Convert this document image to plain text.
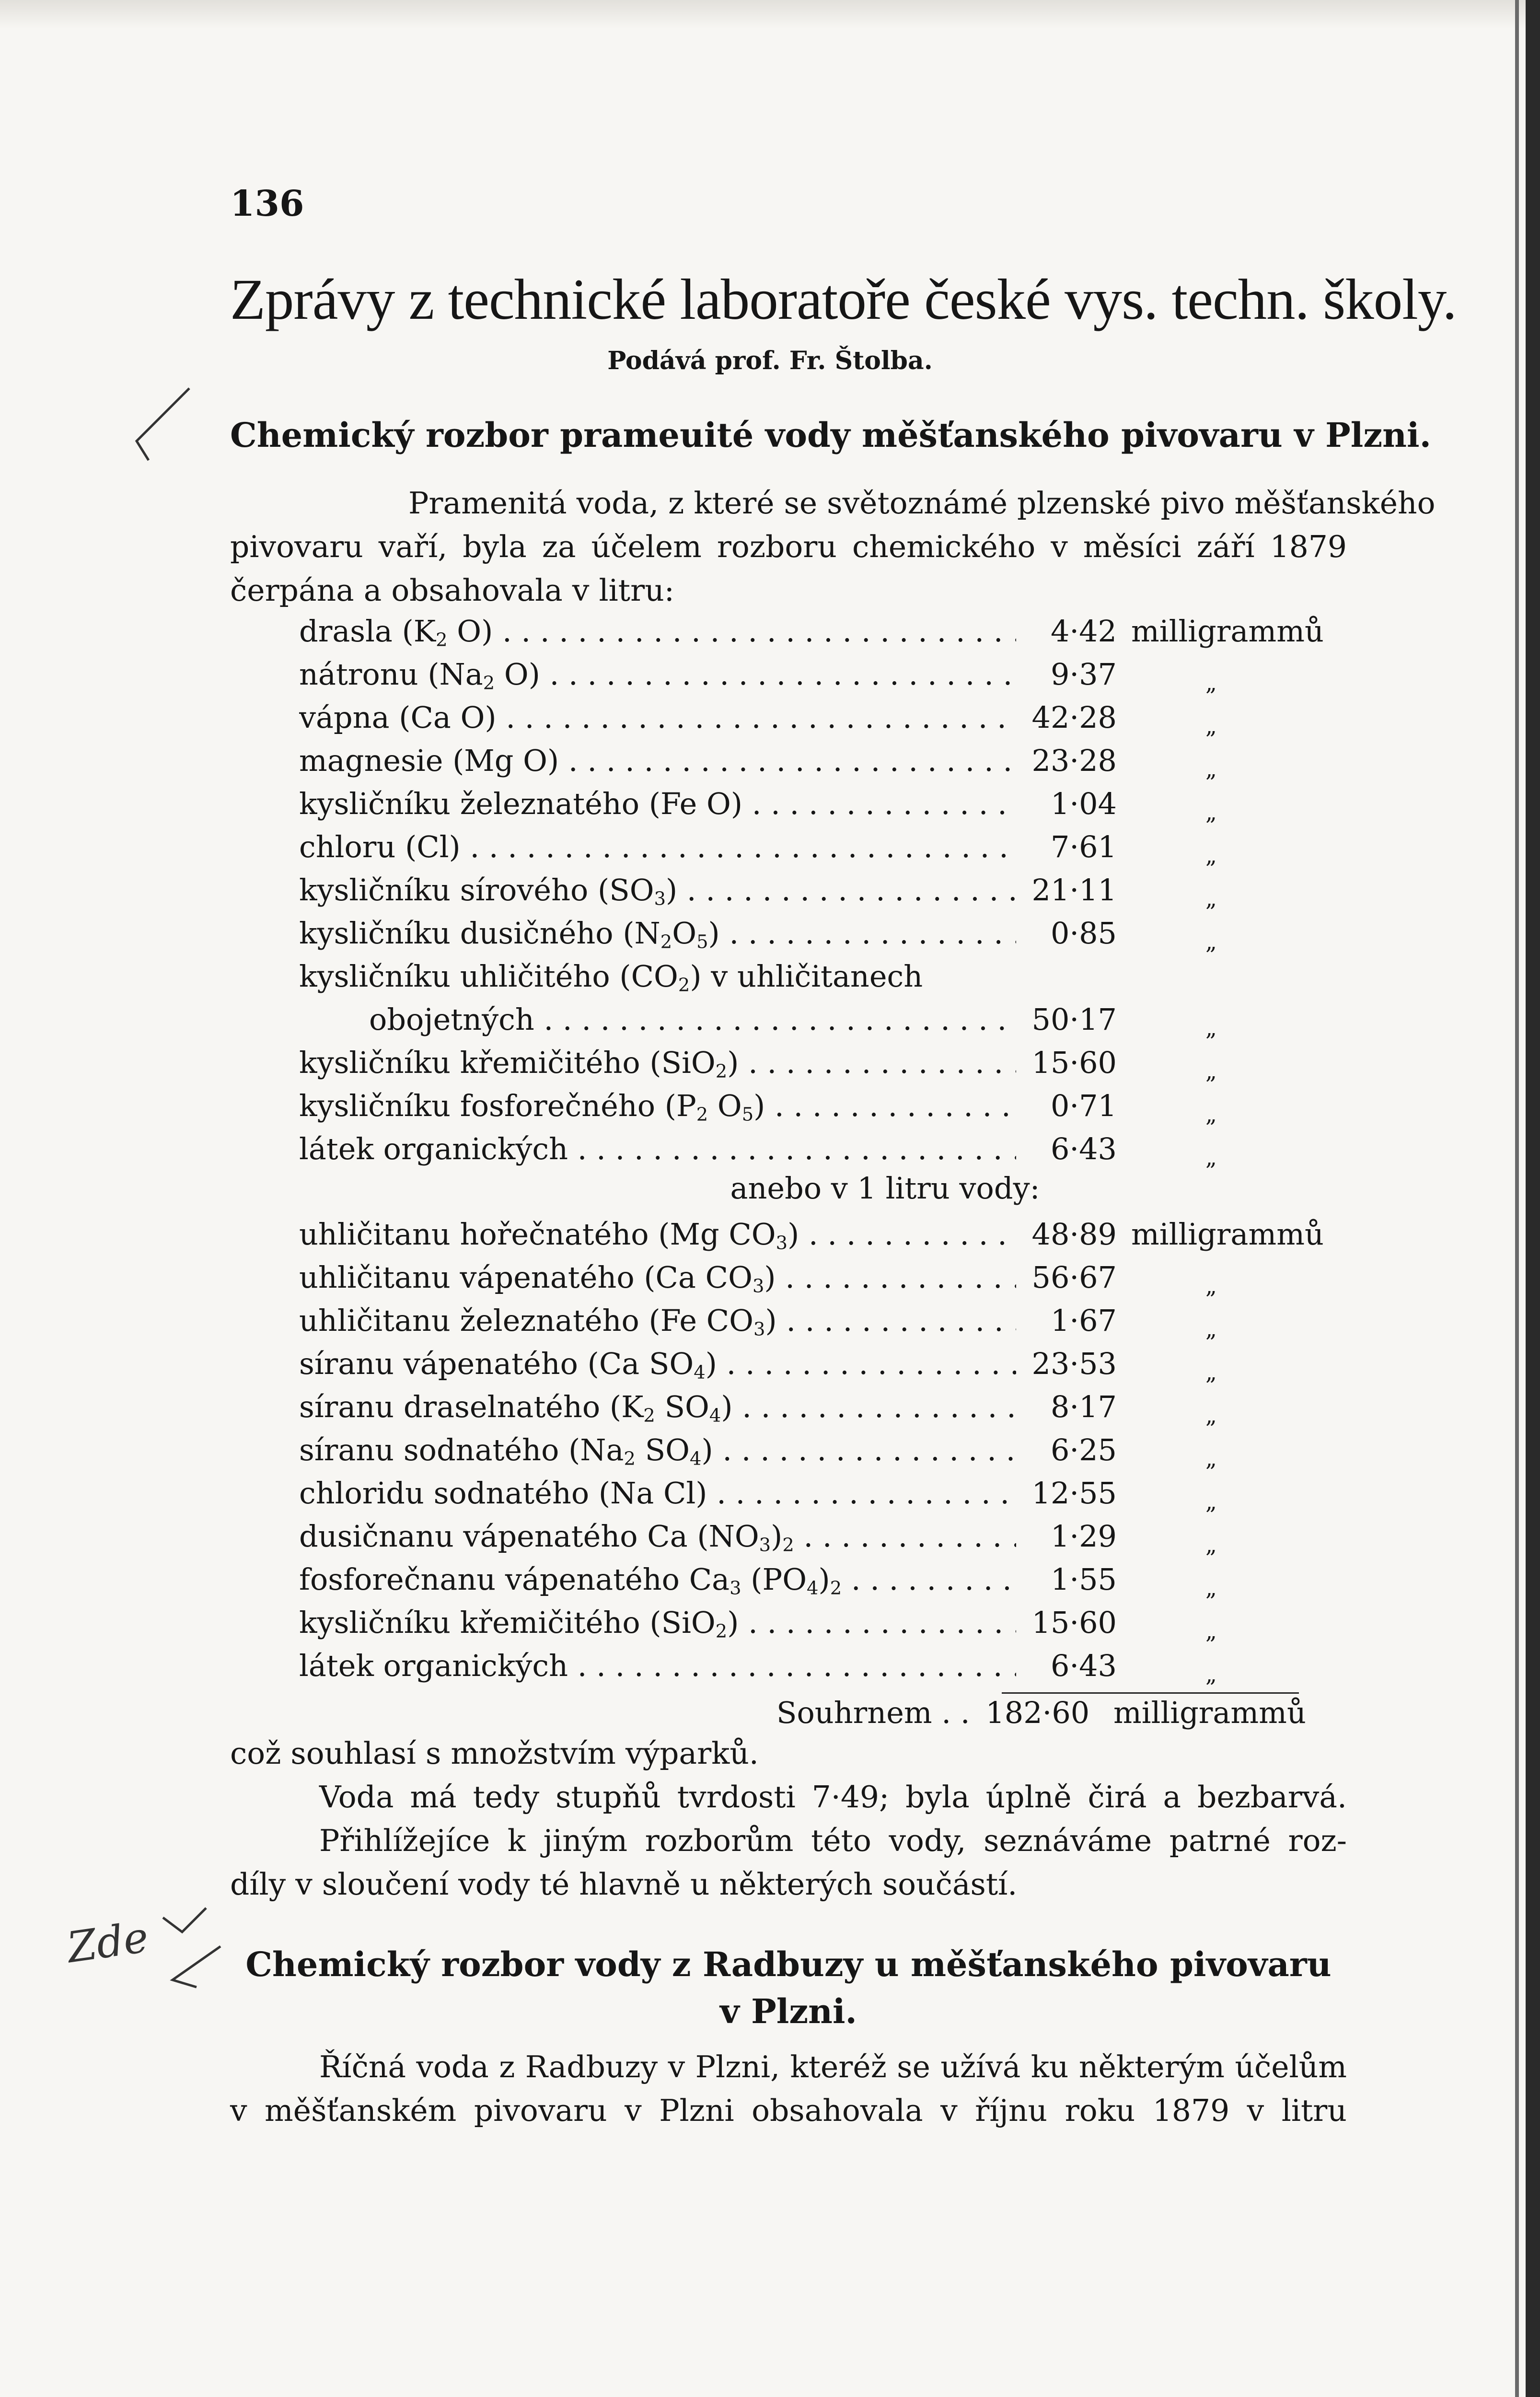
136
Zprávy z technické laboratoře české vys. techn. školy.
Podává prof. Fr. Štolba.
Chemický rozbor prameuité vody měšťanského pivovaru v Plzni.
Pramenitá voda, z které se světoznámé plzenské pivo měšťanského
pivovaru vaří, byla za účelem rozboru chemického v měsíci září 1879
čerpána a obsahovala v litru:
drasla ($K_2$ O) . . .	4·42 milligrammů
nátronu ($Na_2$ O) . . .	9·37	„
vápna (Ca O) . . .	42·28	„
magnesie (Mg O) . . .	23·28	„
kysličníku železnatého (Fe O) . . .	1·04	„
chloru (Cl) . . .	7·61	„
kysličníku sírového $(SO_3)$ . . .	21·11	„
kysličníku dusičného $(N_2O_5)$ . . .	0·85	„
kysličníku uhličitého $(CO_2)$ v uhličitanech
obojetných . . .	50·17	„
kysličníku křemičitého (SiO$_2$) . . .	15·60	„
kysličníku fosforečného ($P_2$ $O_5$) . . .	0·71	„
látek organických . . .	6·43	„
anebo v 1 litru vody:
uhličitanu hořečnatého (Mg $CO_3$) . . .	48·89 milligrammů
uhličitanu vápenatého (Ca $CO_3$) . . .	56·67	„
uhličitanu železnatého (Fe $CO_3$) . . .	1·67	„
síranu vápenatého (Ca $SO_4$) . . .	23·53	„
síranu draselnatého ($K_2$ $SO_4$) . . .	8·17	„
síranu sodnatého ($Na_2$ $SO_4$) . . .	6·25	„
chloridu sodnatého (Na Cl) . . .	12·55	„
dusičnanu vápenatého Ca $(NO_3)_2$ . . .	1·29	„
fosforečnanu vápenatého $Ca_3$ $(PO_4)_2$ . . .	1·55	„
kysličníku křemičitého (SiO$_2$) . . .	15·60	„
látek organických . . .	6·43	„
Souhrnem . . 182·60 milligrammů
což souhlasí s množstvím výparků.
Voda má tedy stupňů tvrdosti 7·49; byla úplně čirá a bezbarvá.
Přihlížejíce k jiným rozborům této vody, seznáváme patrné roz-
díly v sloučení vody té hlavně u některých součástí.
Zde	Chemický rozbor vody z Radbuzy u měšťanského pivovaru
v Plzni.
Říčná voda z Radbuzy v Plzni, kteréž se užívá ku některým účelům
v měšťanském pivovaru v Plzni obsahovala v říjnu roku 1879 v litru
